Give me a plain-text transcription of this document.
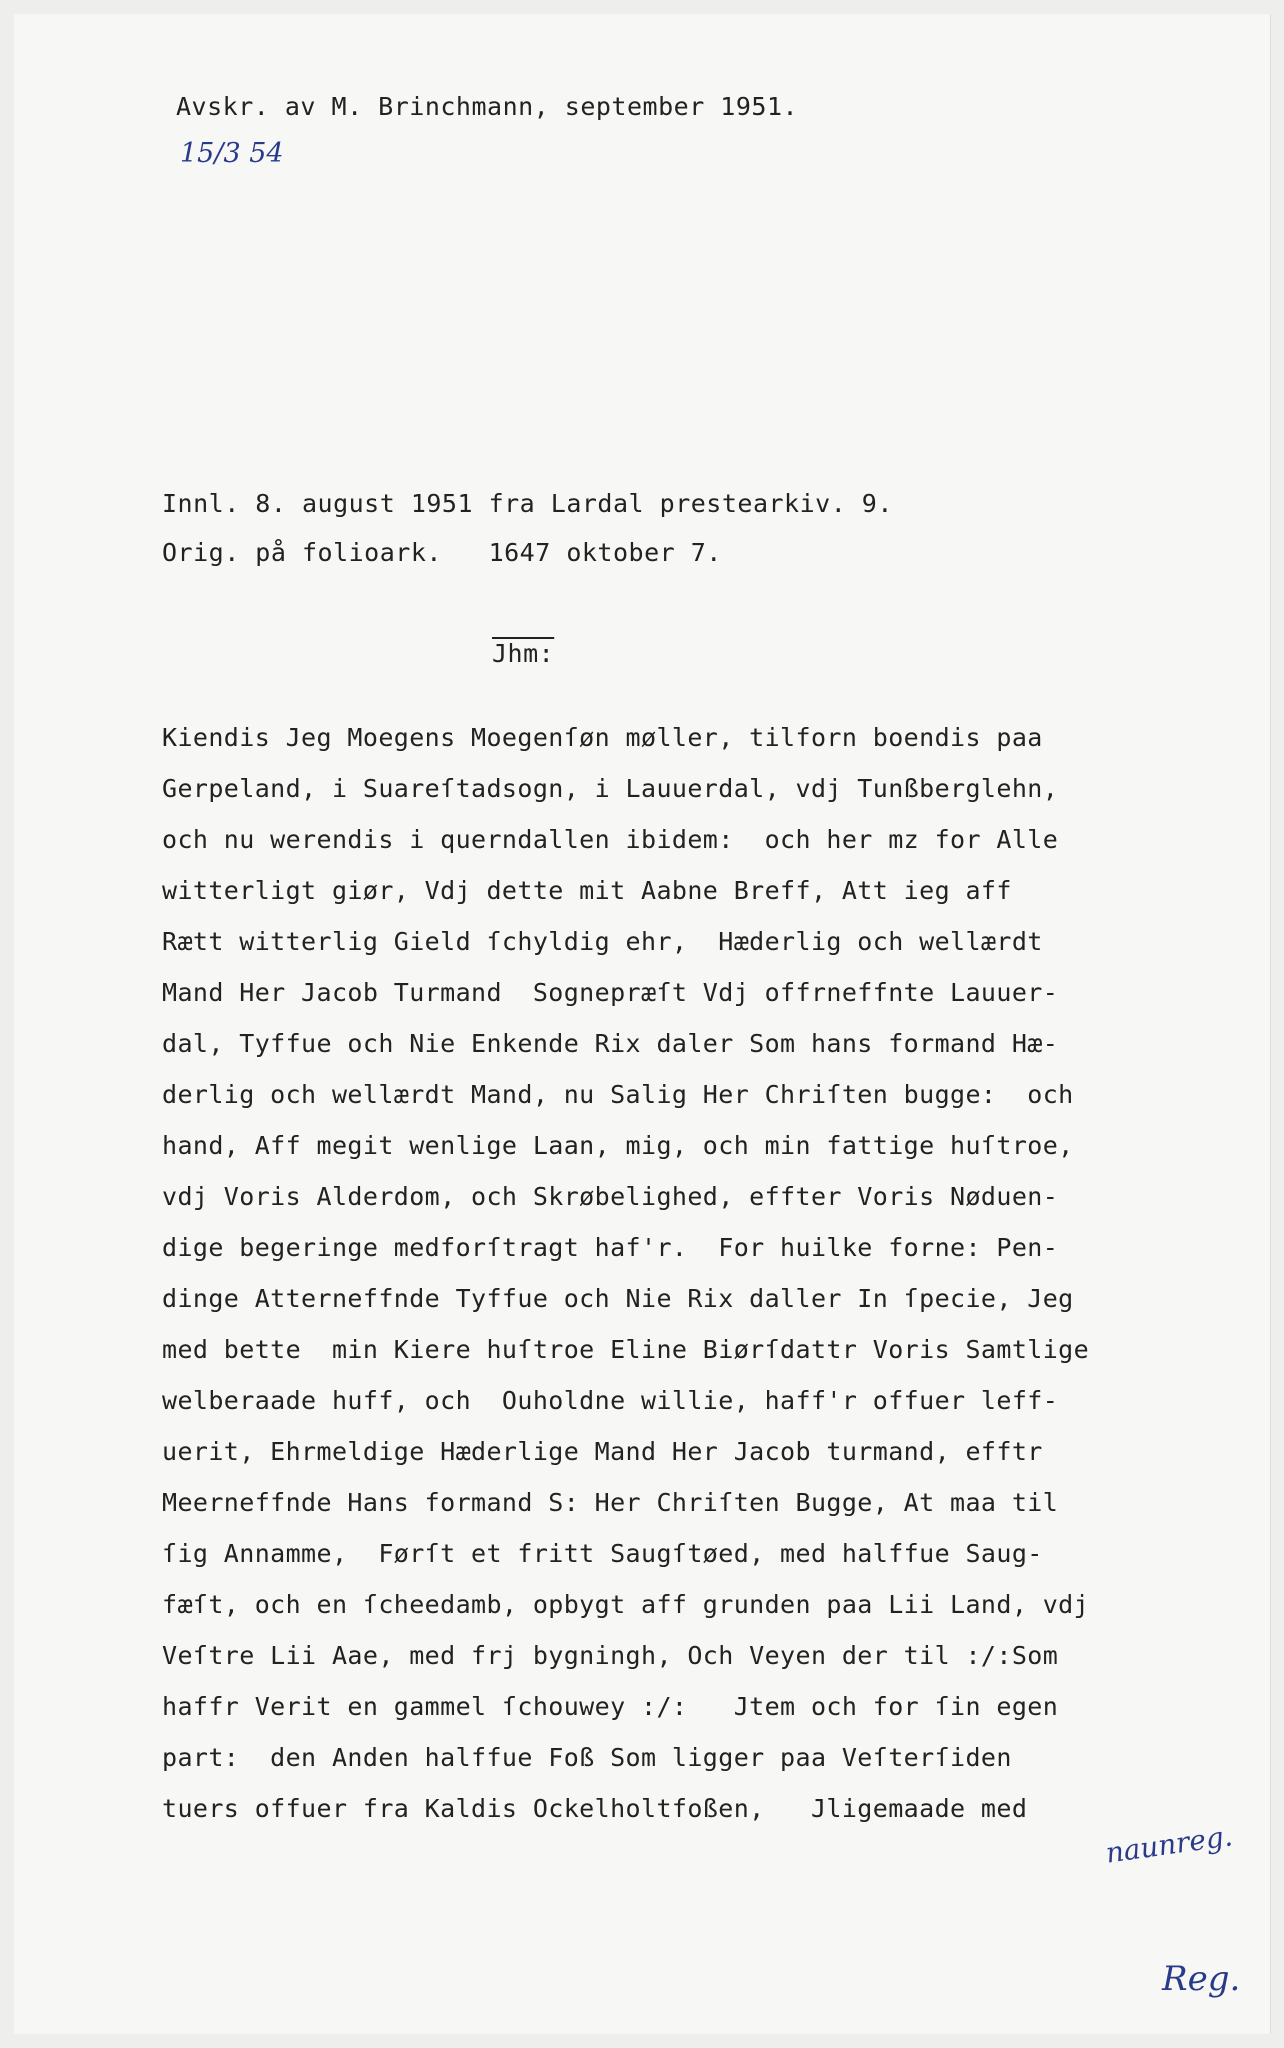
Avskr. av M. Brinchmann, september 1951.
15/3 54
Innl. 8. august 1951 fra Lardal prestearkiv. 9.
Orig. på folioark.   1647 oktober 7.
Jhm:
Kiendis Jeg Moegens Moegenſøn møller, tilforn boendis paa
Gerpeland, i Suareſtadsogn, i Lauuerdal, vdj Tunßberglehn,
och nu werendis i querndallen ibidem:  och her mz for Alle
witterligt giør, Vdj dette mit Aabne Breff, Att ieg aff
Rætt witterlig Gield ſchyldig ehr,  Hæderlig och wellærdt
Mand Her Jacob Turmand  Sognepræſt Vdj offrneffnte Lauuer-
dal, Tyffue och Nie Enkende Rix daler Som hans formand Hæ-
derlig och wellærdt Mand, nu Salig Her Chriſten bugge:  och
hand, Aff megit wenlige Laan, mig, och min fattige huſtroe,
vdj Voris Alderdom, och Skrøbelighed, effter Voris Nøduen-
dige begeringe medforſtragt haf'r.  For huilke forne: Pen-
dinge Atterneffnde Tyffue och Nie Rix daller In ſpecie, Jeg
med bette  min Kiere huſtroe Eline Biørſdattr Voris Samtlige
welberaade huff, och  Ouholdne willie, haff'r offuer leff-
uerit, Ehrmeldige Hæderlige Mand Her Jacob turmand, efftr
Meerneffnde Hans formand S: Her Chriſten Bugge, At maa til
ſig Annamme,  Førſt et fritt Saugſtøed, med halffue Saug-
fæſt, och en ſcheedamb, opbygt aff grunden paa Lii Land, vdj
Veſtre Lii Aae, med frj bygningh, Och Veyen der til :/:Som
haffr Verit en gammel ſchouwey :/:   Jtem och for ſin egen
part:  den Anden halffue Foß Som ligger paa Veſterſiden
tuers offuer fra Kaldis Ockelholtfoßen,   Jligemaade med
naunreg.
Reg.
